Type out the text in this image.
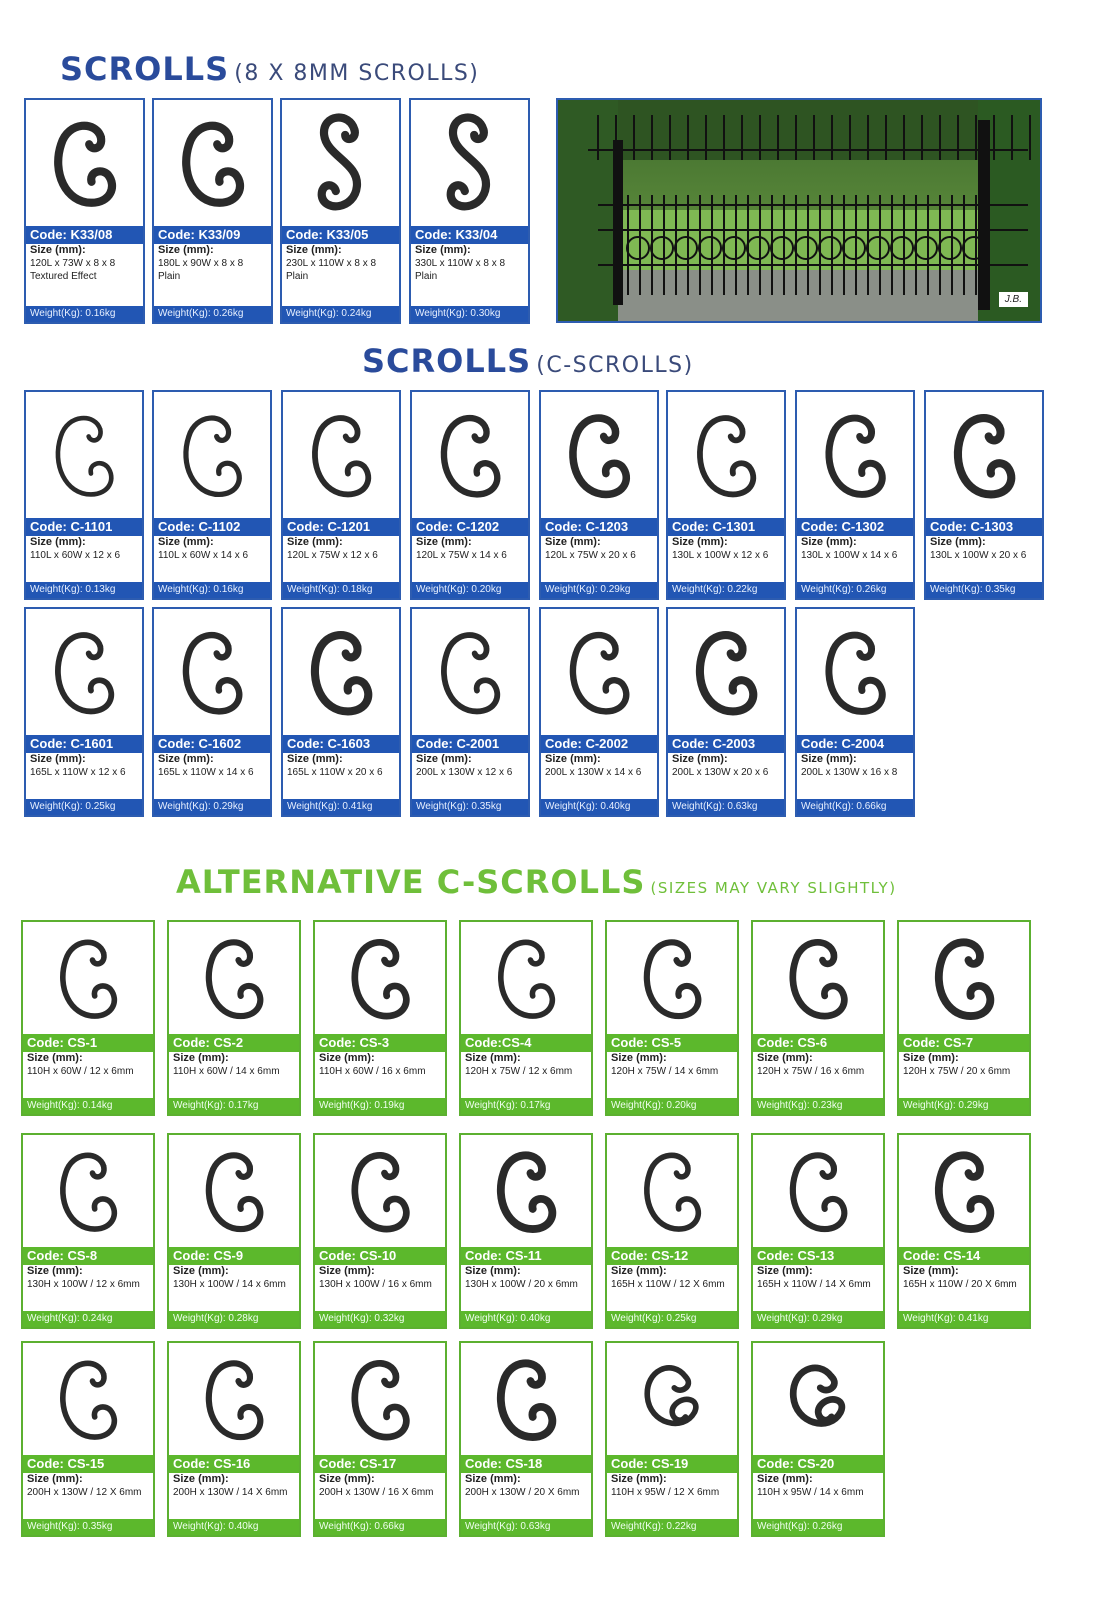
SCROLLS (8 X 8MM SCROLLS)
J.B.
SCROLLS (C-SCROLLS)
ALTERNATIVE C-SCROLLS (SIZES MAY VARY SLIGHTLY)
Code: K33/08
Size (mm):
120L x 73W x 8 x 8
Textured Effect
Weight(Kg): 0.16kg
Code: K33/09
Size (mm):
180L x 90W x 8 x 8
Plain
Weight(Kg): 0.26kg
Code: K33/05
Size (mm):
230L x 110W x 8 x 8
Plain
Weight(Kg): 0.24kg
Code: K33/04
Size (mm):
330L x 110W x 8 x 8
Plain
Weight(Kg): 0.30kg
Code: C-1101
Size (mm):
110L x 60W x 12 x 6
Weight(Kg): 0.13kg
Code: C-1102
Size (mm):
110L x 60W x 14 x 6
Weight(Kg): 0.16kg
Code: C-1201
Size (mm):
120L x 75W x 12 x 6
Weight(Kg): 0.18kg
Code: C-1202
Size (mm):
120L x 75W x 14 x 6
Weight(Kg): 0.20kg
Code: C-1203
Size (mm):
120L x 75W x 20 x 6
Weight(Kg): 0.29kg
Code: C-1301
Size (mm):
130L x 100W x 12 x 6
Weight(Kg): 0.22kg
Code: C-1302
Size (mm):
130L x 100W x 14 x 6
Weight(Kg): 0.26kg
Code: C-1303
Size (mm):
130L x 100W x 20 x 6
Weight(Kg): 0.35kg
Code: C-1601
Size (mm):
165L x 110W x 12 x 6
Weight(Kg): 0.25kg
Code: C-1602
Size (mm):
165L x 110W x 14 x 6
Weight(Kg): 0.29kg
Code: C-1603
Size (mm):
165L x 110W x 20 x 6
Weight(Kg): 0.41kg
Code: C-2001
Size (mm):
200L x 130W x 12 x 6
Weight(Kg): 0.35kg
Code: C-2002
Size (mm):
200L x 130W x 14 x 6
Weight(Kg): 0.40kg
Code: C-2003
Size (mm):
200L x 130W x 20 x 6
Weight(Kg): 0.63kg
Code: C-2004
Size (mm):
200L x 130W x 16 x 8
Weight(Kg): 0.66kg
Code: CS-1
Size (mm):
110H x 60W / 12 x 6mm
Weight(Kg): 0.14kg
Code: CS-2
Size (mm):
110H x 60W / 14 x 6mm
Weight(Kg): 0.17kg
Code: CS-3
Size (mm):
110H x 60W / 16 x 6mm
Weight(Kg): 0.19kg
Code:CS-4
Size (mm):
120H x 75W / 12 x 6mm
Weight(Kg): 0.17kg
Code: CS-5
Size (mm):
120H x 75W / 14 x 6mm
Weight(Kg): 0.20kg
Code: CS-6
Size (mm):
120H x 75W / 16 x 6mm
Weight(Kg): 0.23kg
Code: CS-7
Size (mm):
120H x 75W / 20 x 6mm
Weight(Kg): 0.29kg
Code: CS-8
Size (mm):
130H x 100W / 12 x 6mm
Weight(Kg): 0.24kg
Code: CS-9
Size (mm):
130H x 100W / 14 x 6mm
Weight(Kg): 0.28kg
Code: CS-10
Size (mm):
130H x 100W / 16 x 6mm
Weight(Kg): 0.32kg
Code: CS-11
Size (mm):
130H x 100W / 20 x 6mm
Weight(Kg): 0.40kg
Code: CS-12
Size (mm):
165H x 110W / 12 X 6mm
Weight(Kg): 0.25kg
Code: CS-13
Size (mm):
165H x 110W / 14 X 6mm
Weight(Kg): 0.29kg
Code: CS-14
Size (mm):
165H x 110W / 20 X 6mm
Weight(Kg): 0.41kg
Code: CS-15
Size (mm):
200H x 130W / 12 X 6mm
Weight(Kg): 0.35kg
Code: CS-16
Size (mm):
200H x 130W / 14 X 6mm
Weight(Kg): 0.40kg
Code: CS-17
Size (mm):
200H x 130W / 16 X 6mm
Weight(Kg): 0.66kg
Code: CS-18
Size (mm):
200H x 130W / 20 X 6mm
Weight(Kg): 0.63kg
Code: CS-19
Size (mm):
110H x 95W / 12 X 6mm
Weight(Kg): 0.22kg
Code: CS-20
Size (mm):
110H x 95W / 14 x 6mm
Weight(Kg): 0.26kg
